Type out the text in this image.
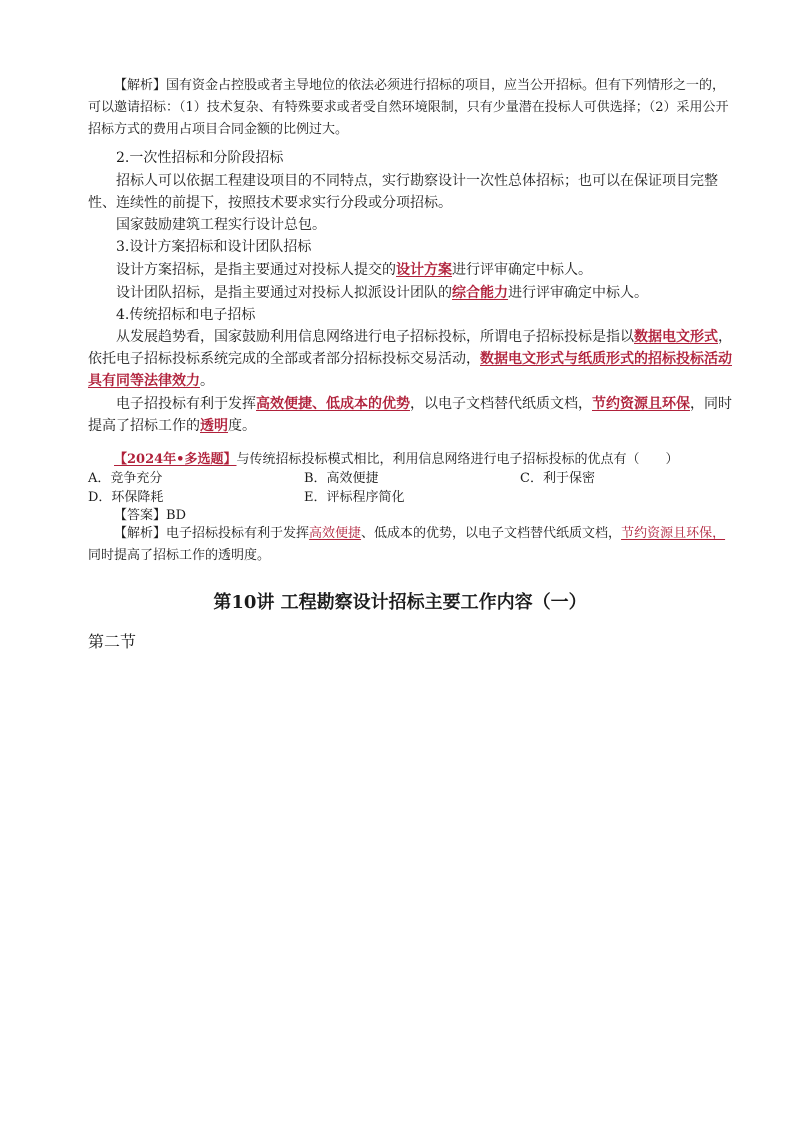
【解析】国有资金占控股或者主导地位的依法必须进行招标的项目，应当公开招标。但有下列情形之一的，可以邀请招标：（1）技术复杂、有特殊要求或者受自然环境限制，只有少量潜在投标人可供选择；（2）采用公开招标方式的费用占项目合同金额的比例过大。

2.一次性招标和分阶段招标

招标人可以依据工程建设项目的不同特点，实行勘察设计一次性总体招标；也可以在保证项目完整性、连续性的前提下，按照技术要求实行分段或分项招标。

国家鼓励建筑工程实行设计总包。

3.设计方案招标和设计团队招标

设计方案招标，是指主要通过对投标人提交的设计方案进行评审确定中标人。

设计团队招标，是指主要通过对投标人拟派设计团队的综合能力进行评审确定中标人。

4.传统招标和电子招标

从发展趋势看，国家鼓励利用信息网络进行电子招标投标，所谓电子招标投标是指以数据电文形式，依托电子招标投标系统完成的全部或者部分招标投标交易活动，数据电文形式与纸质形式的招标投标活动具有同等法律效力。

电子招投标有利于发挥高效便捷、低成本的优势，以电子文档替代纸质文档，节约资源且环保，同时提高了招标工作的透明度。

【2024年•多选题】与传统招标投标模式相比，利用信息网络进行电子招标投标的优点有（　　）

A．竞争充分	B．高效便捷	C．利于保密
D．环保降耗	E．评标程序简化

【答案】BD

【解析】电子招标投标有利于发挥高效便捷、低成本的优势，以电子文档替代纸质文档，节约资源且环保，同时提高了招标工作的透明度。

第10讲 工程勘察设计招标主要工作内容（一）
第二节
